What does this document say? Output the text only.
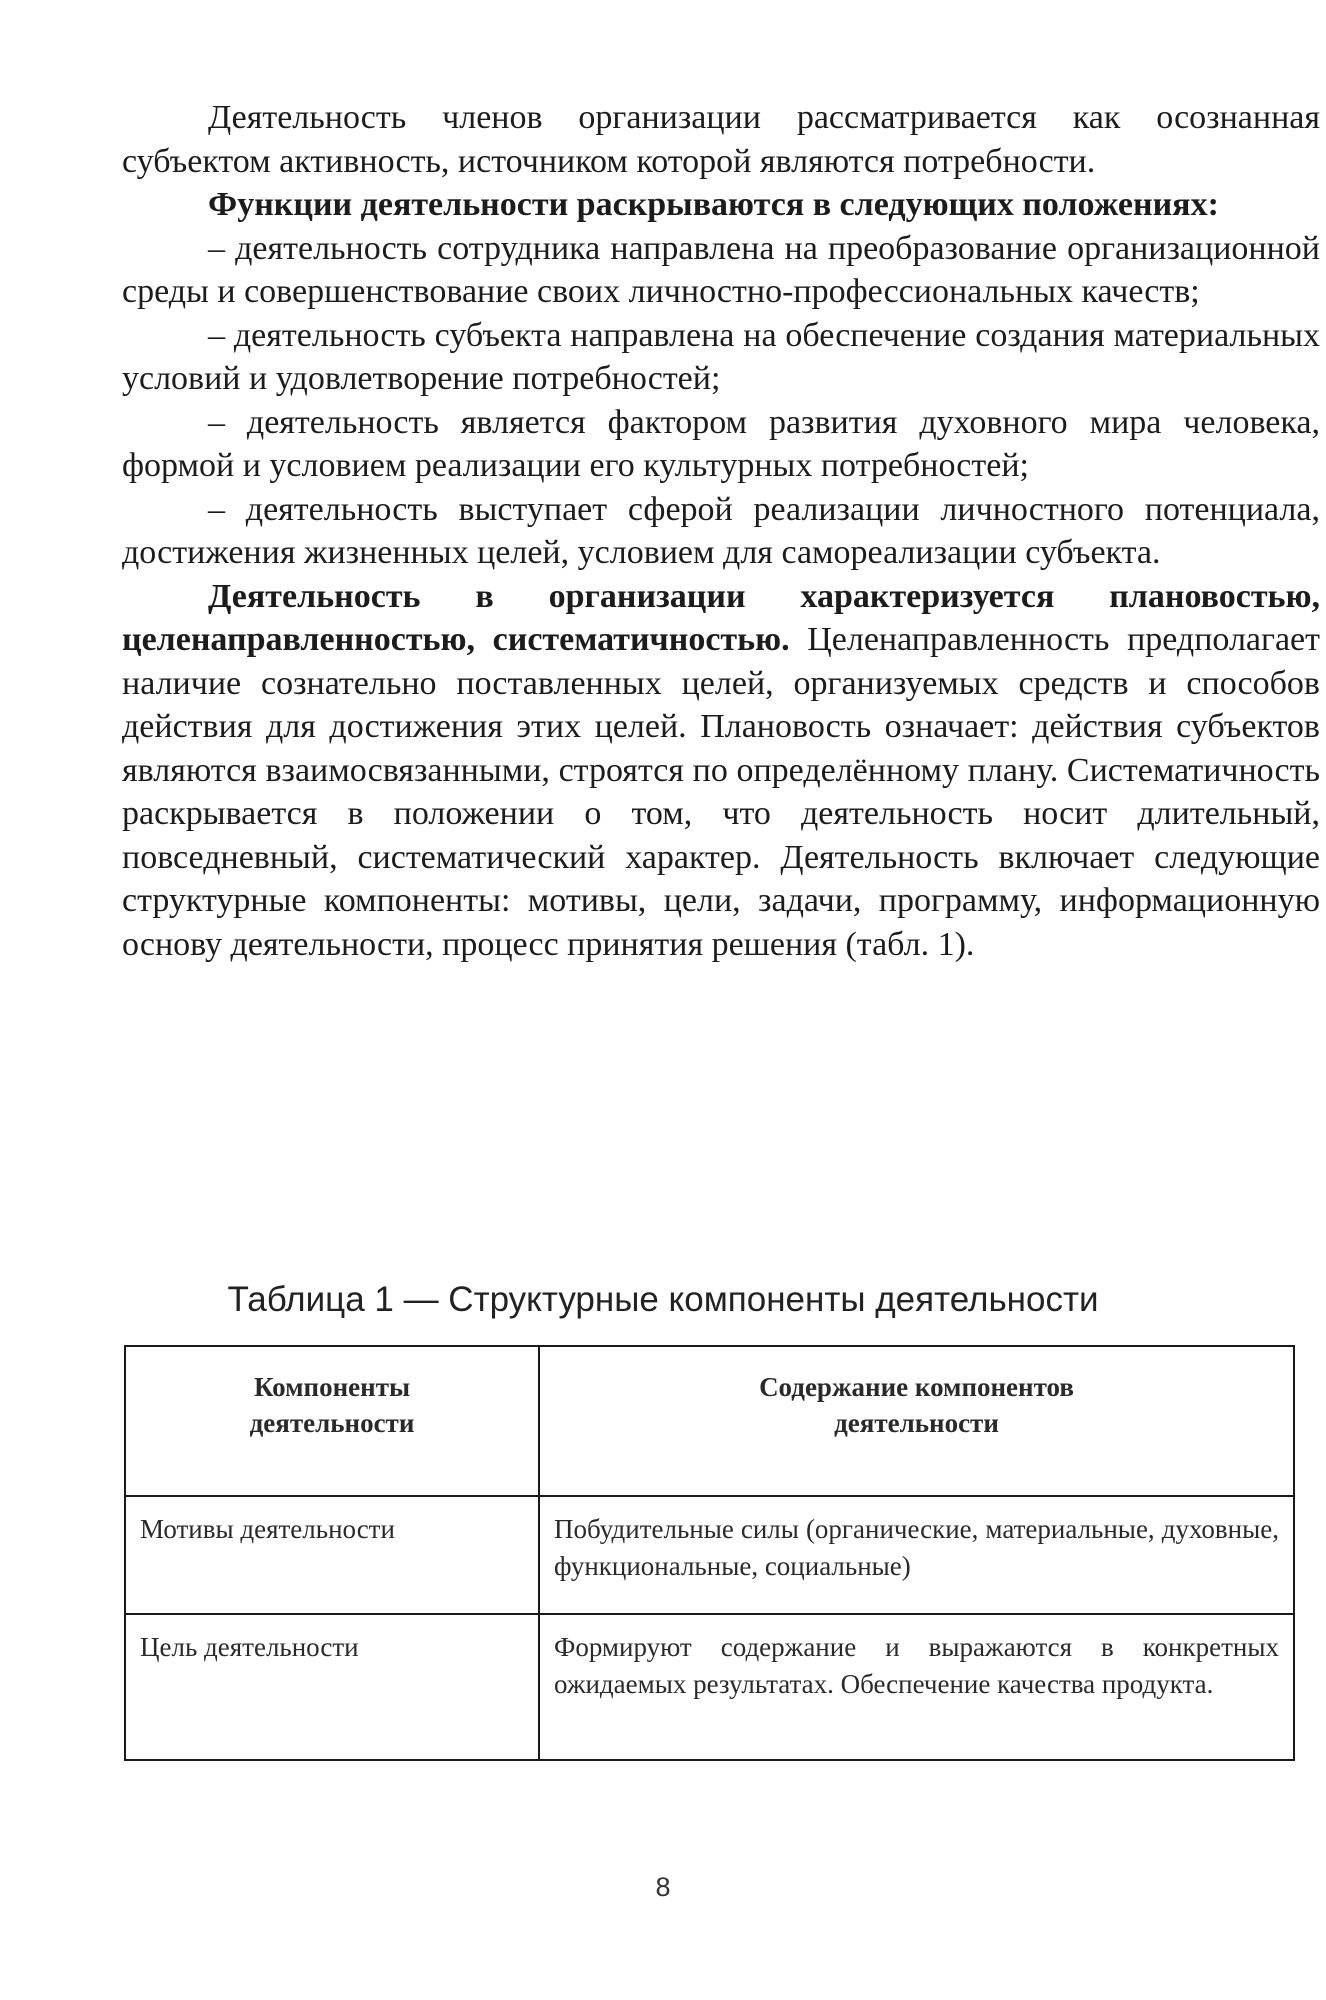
Деятельность членов организации рассматривается как осознанная субъектом активность, источником которой являются потребности.

Функции деятельности раскрываются в следующих положениях:

– деятельность сотрудника направлена на преобразование организационной среды и совершенствование своих личностно-профессиональных качеств;

– деятельность субъекта направлена на обеспечение создания материальных условий и удовлетворение потребностей;

– деятельность является фактором развития духовного мира человека, формой и условием реализации его культурных потребностей;

– деятельность выступает сферой реализации личностного потенциала, достижения жизненных целей, условием для самореализации субъекта.

Деятельность в организации характеризуется плановостью, целенаправленностью, систематичностью. Целенаправленность предполагает наличие сознательно поставленных целей, организуемых средств и способов действия для достижения этих целей. Плановость означает: действия субъектов являются взаимосвязанными, строятся по определённому плану. Систематичность раскрывается в положении о том, что деятельность носит длительный, повседневный, систематический характер. Деятельность включает следующие структурные компоненты: мотивы, цели, задачи, программу, информационную основу деятельности, процесс принятия решения (табл. 1).

Таблица 1 — Структурные компоненты деятельности
Компоненты деятельности	Содержание компонентов деятельности

Мотивы деятельности	Побудительные силы (органические, материальные, духовные, функциональные, социальные)
Цель деятельности	Формируют содержание и выражаются в конкретных ожидаемых результатах. Обеспечение качества продукта.
8
